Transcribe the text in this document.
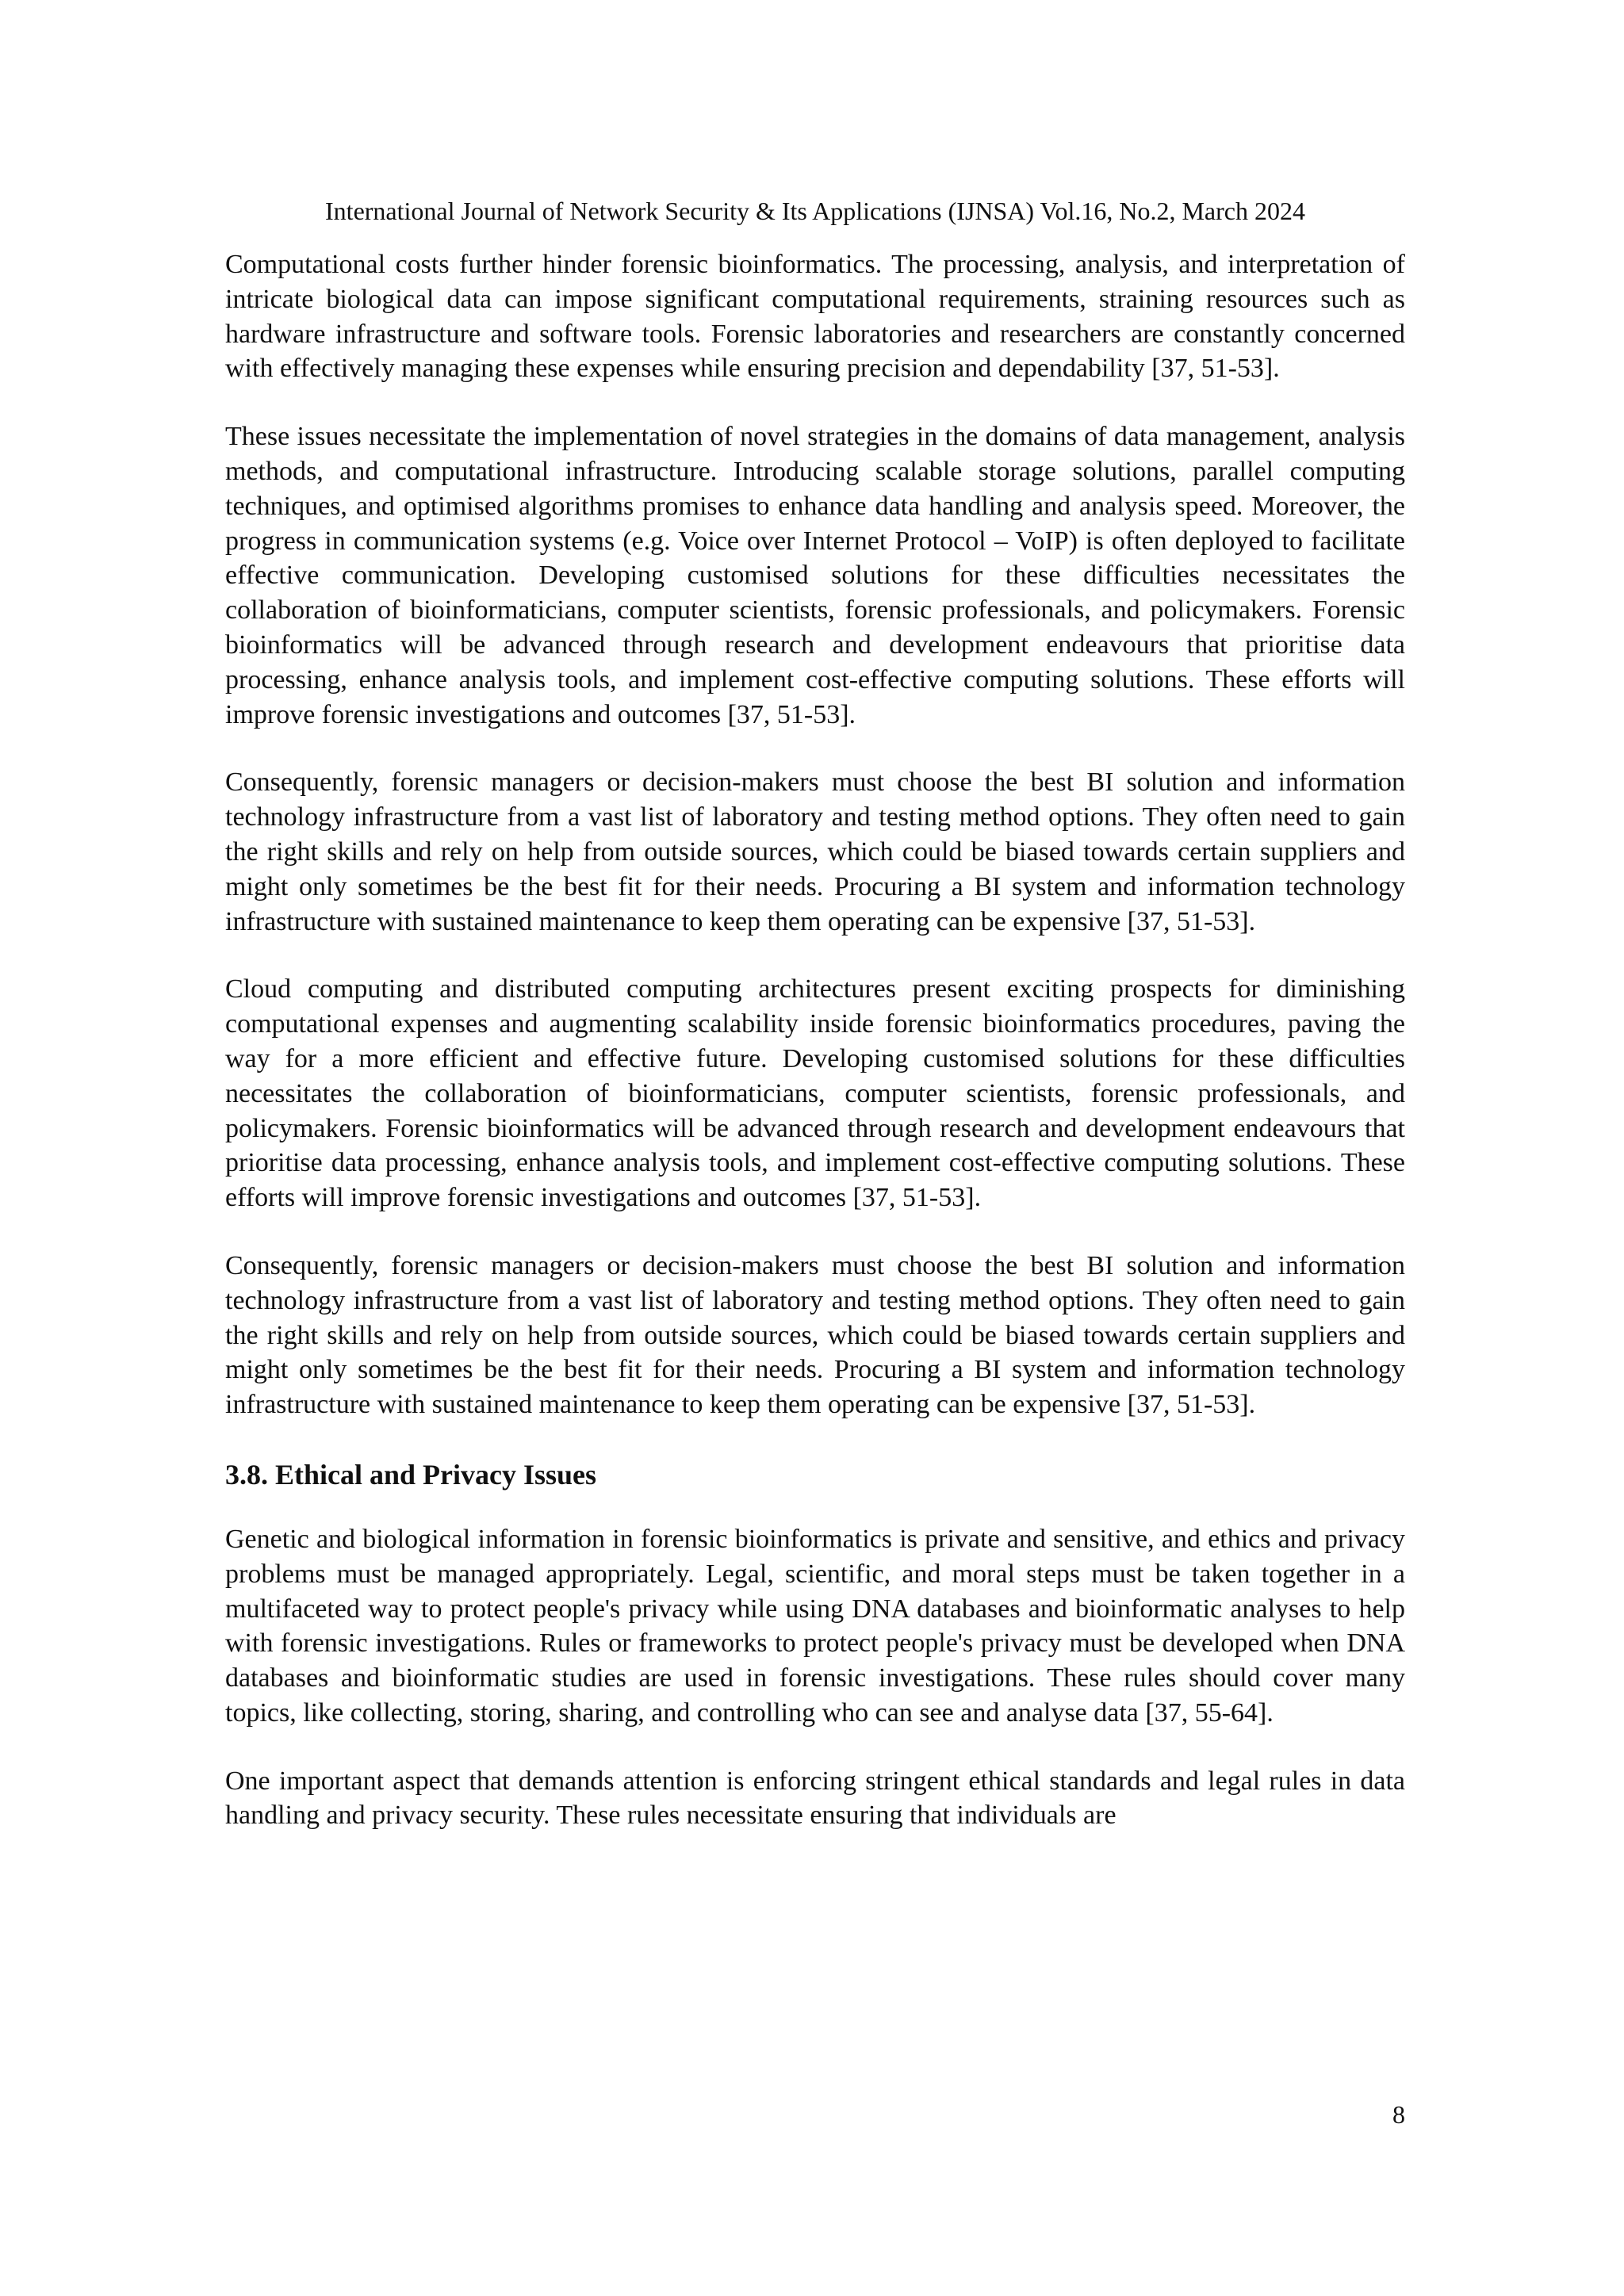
International Journal of Network Security & Its Applications (IJNSA) Vol.16, No.2, March 2024

Computational costs further hinder forensic bioinformatics. The processing, analysis, and interpretation of intricate biological data can impose significant computational requirements, straining resources such as hardware infrastructure and software tools. Forensic laboratories and researchers are constantly concerned with effectively managing these expenses while ensuring precision and dependability [37, 51-53].

These issues necessitate the implementation of novel strategies in the domains of data management, analysis methods, and computational infrastructure. Introducing scalable storage solutions, parallel computing techniques, and optimised algorithms promises to enhance data handling and analysis speed. Moreover, the progress in communication systems (e.g. Voice over Internet Protocol – VoIP) is often deployed to facilitate effective communication. Developing customised solutions for these difficulties necessitates the collaboration of bioinformaticians, computer scientists, forensic professionals, and policymakers. Forensic bioinformatics will be advanced through research and development endeavours that prioritise data processing, enhance analysis tools, and implement cost-effective computing solutions. These efforts will improve forensic investigations and outcomes [37, 51-53].

Consequently, forensic managers or decision-makers must choose the best BI solution and information technology infrastructure from a vast list of laboratory and testing method options. They often need to gain the right skills and rely on help from outside sources, which could be biased towards certain suppliers and might only sometimes be the best fit for their needs. Procuring a BI system and information technology infrastructure with sustained maintenance to keep them operating can be expensive [37, 51-53].

Cloud computing and distributed computing architectures present exciting prospects for diminishing computational expenses and augmenting scalability inside forensic bioinformatics procedures, paving the way for a more efficient and effective future. Developing customised solutions for these difficulties necessitates the collaboration of bioinformaticians, computer scientists, forensic professionals, and policymakers. Forensic bioinformatics will be advanced through research and development endeavours that prioritise data processing, enhance analysis tools, and implement cost-effective computing solutions. These efforts will improve forensic investigations and outcomes [37, 51-53].

Consequently, forensic managers or decision-makers must choose the best BI solution and information technology infrastructure from a vast list of laboratory and testing method options. They often need to gain the right skills and rely on help from outside sources, which could be biased towards certain suppliers and might only sometimes be the best fit for their needs. Procuring a BI system and information technology infrastructure with sustained maintenance to keep them operating can be expensive [37, 51-53].

3.8. Ethical and Privacy Issues

Genetic and biological information in forensic bioinformatics is private and sensitive, and ethics and privacy problems must be managed appropriately. Legal, scientific, and moral steps must be taken together in a multifaceted way to protect people's privacy while using DNA databases and bioinformatic analyses to help with forensic investigations. Rules or frameworks to protect people's privacy must be developed when DNA databases and bioinformatic studies are used in forensic investigations. These rules should cover many topics, like collecting, storing, sharing, and controlling who can see and analyse data [37, 55-64].

One important aspect that demands attention is enforcing stringent ethical standards and legal rules in data handling and privacy security. These rules necessitate ensuring that individuals are

8
